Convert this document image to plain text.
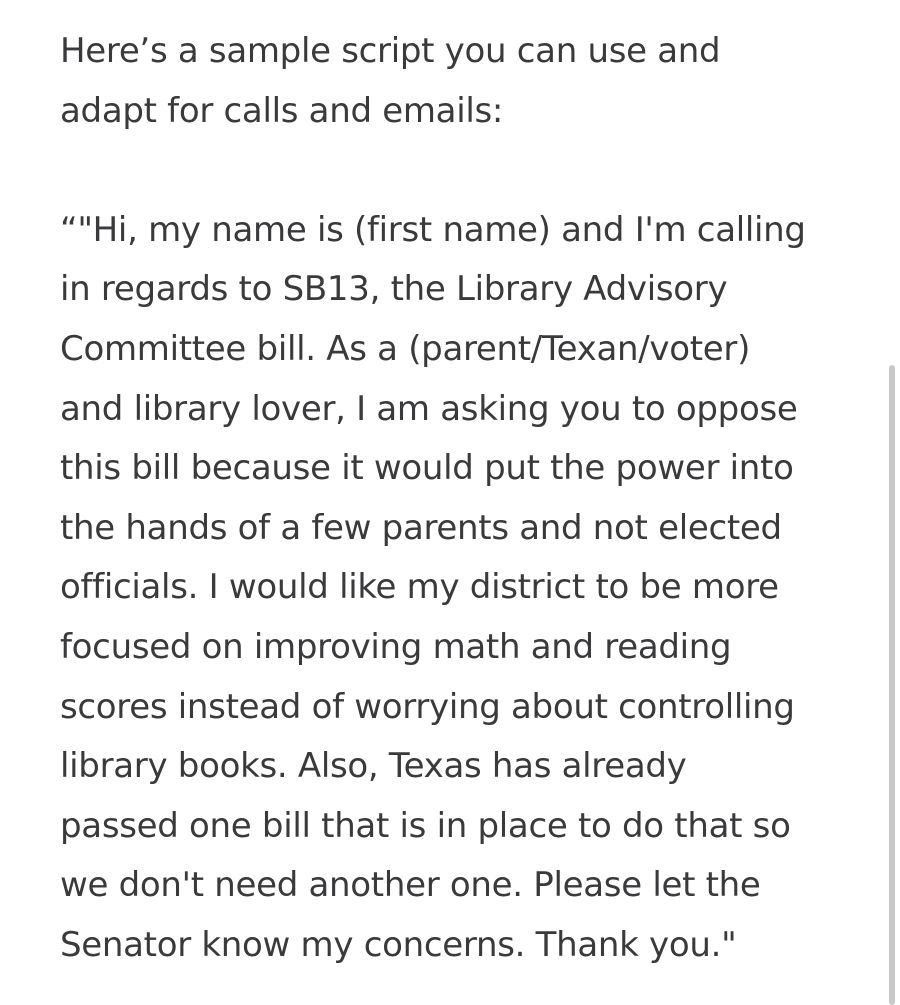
Here’s a sample script you can use and
adapt for calls and emails:
“"Hi, my name is (first name) and I'm calling
in regards to SB13, the Library Advisory
Committee bill. As a (parent/Texan/voter)
and library lover, I am asking you to oppose
this bill because it would put the power into
the hands of a few parents and not elected
officials. I would like my district to be more
focused on improving math and reading
scores instead of worrying about controlling
library books. Also, Texas has already
passed one bill that is in place to do that so
we don't need another one. Please let the
Senator know my concerns. Thank you."
